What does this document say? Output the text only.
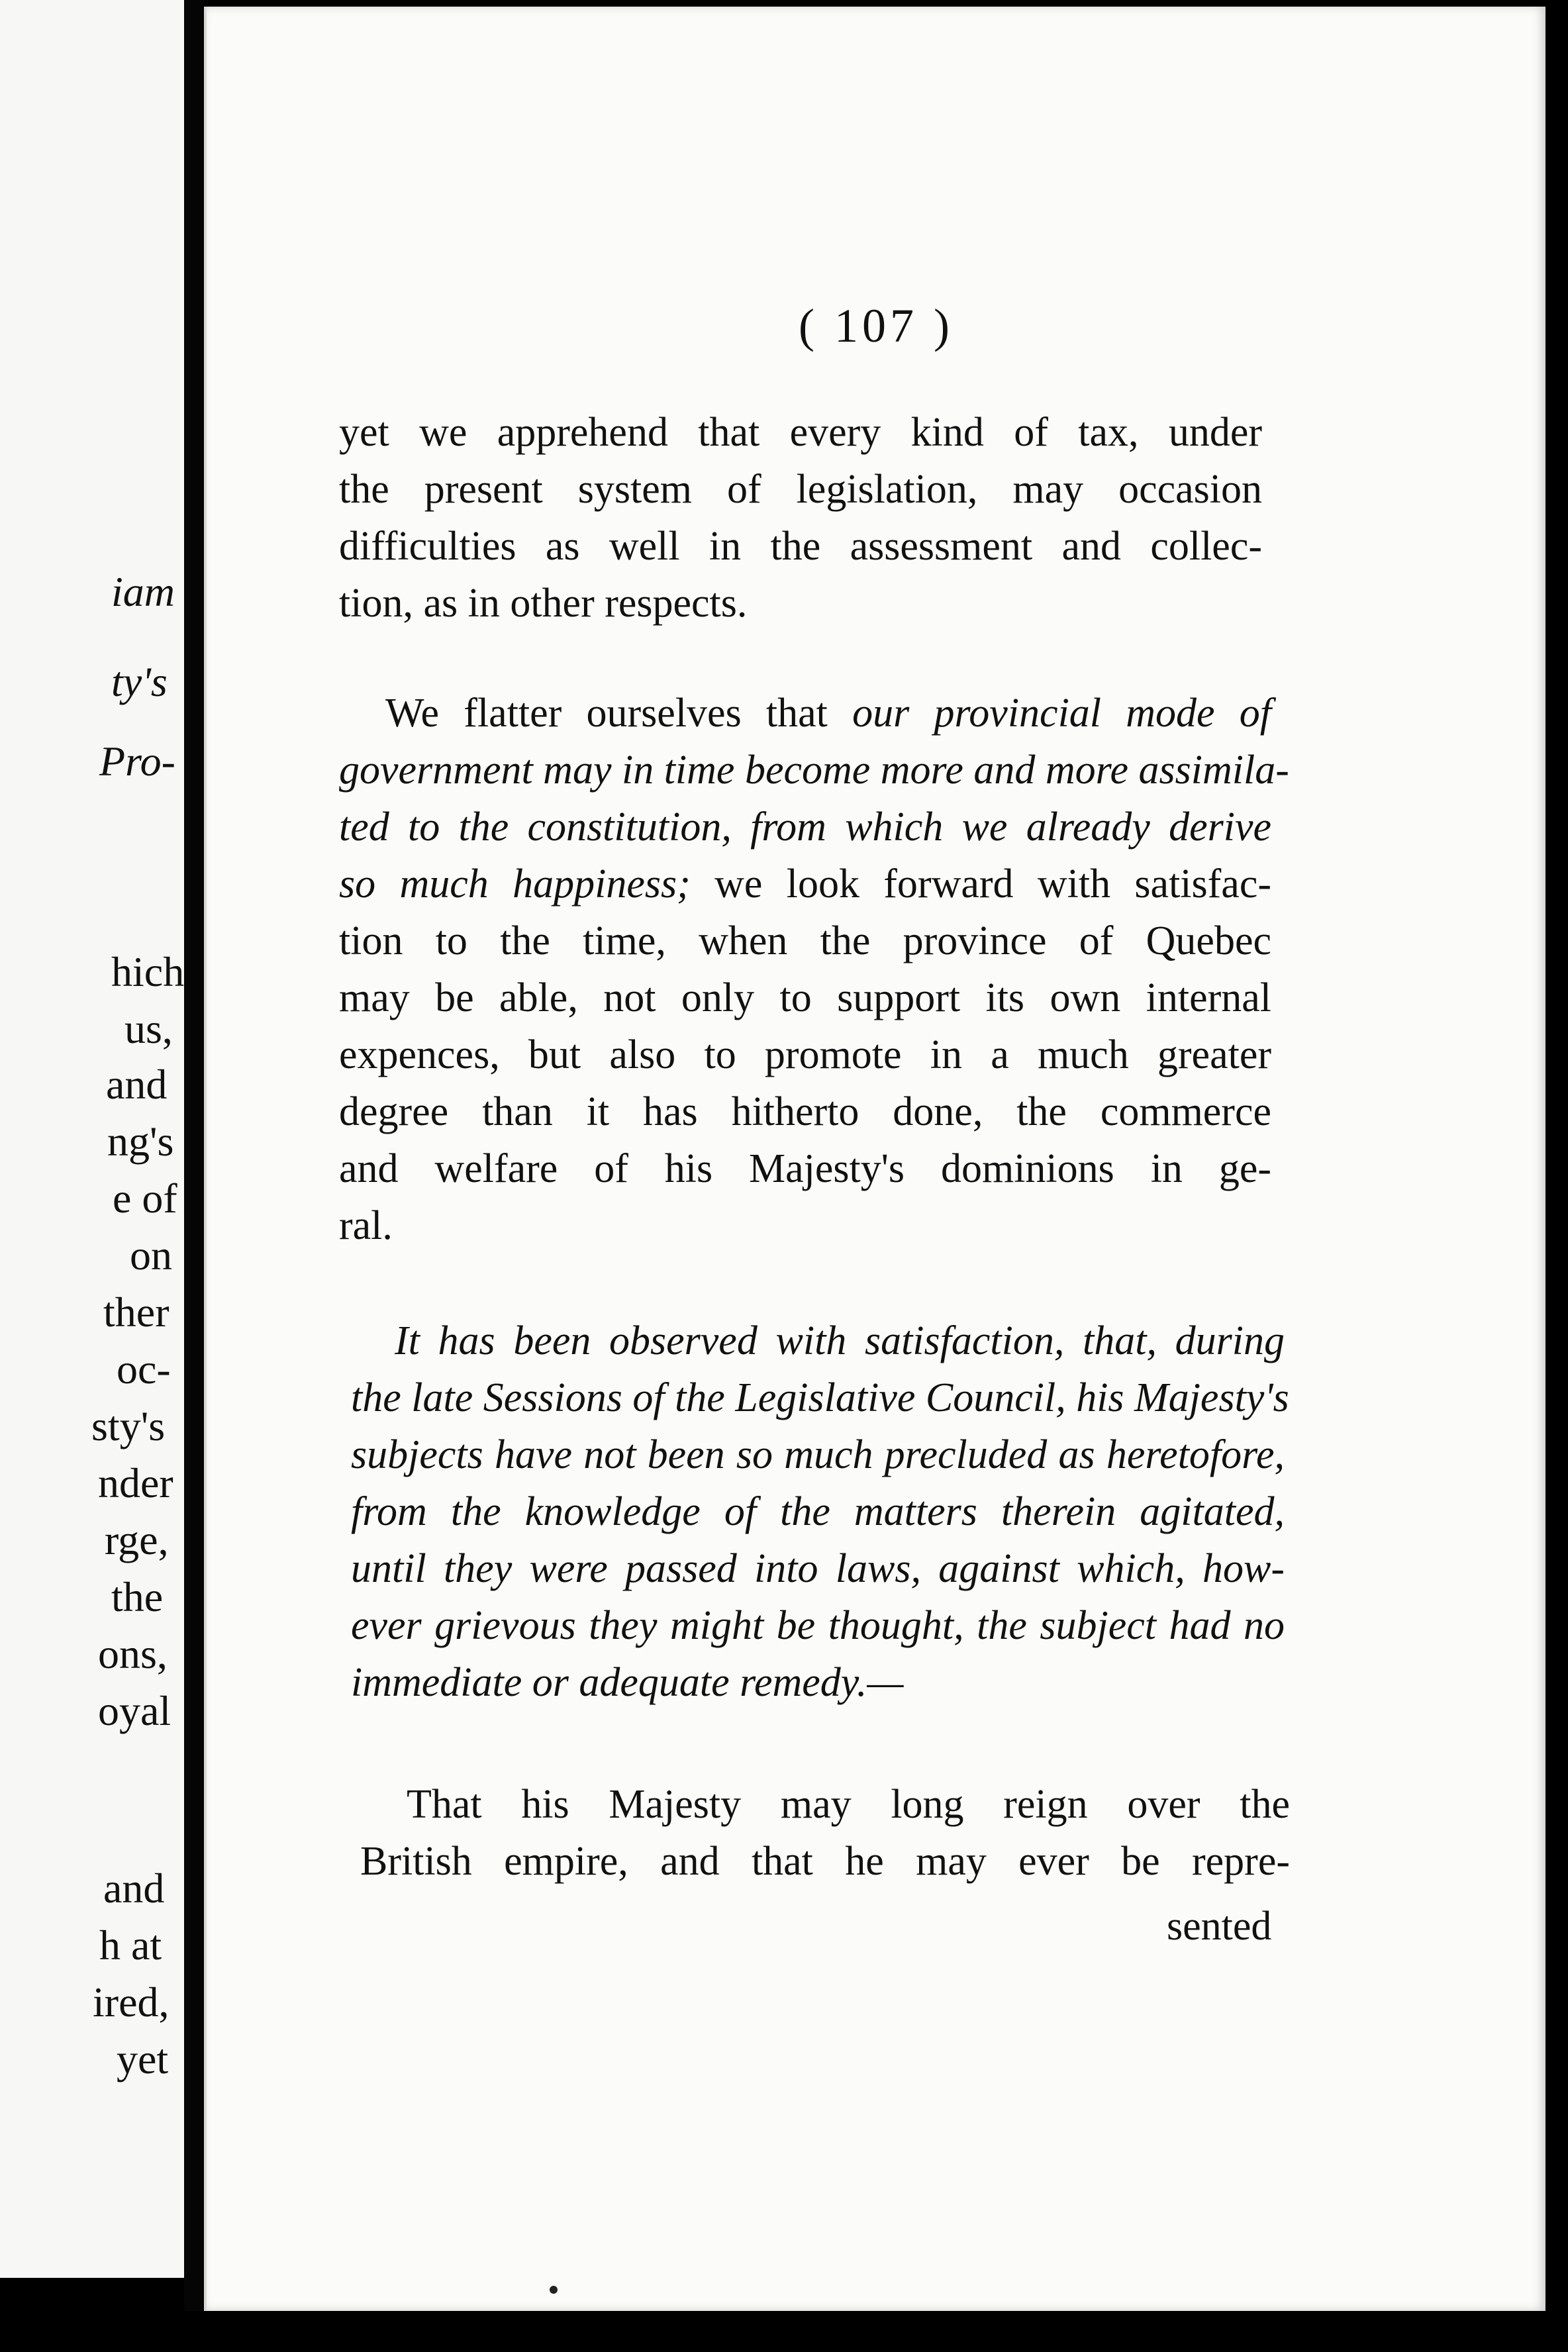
iam
ty's
Pro-
hich
us,
and
ng's
e of
on
ther
oc-
sty's
nder
rge,
the
ons,
oyal
and
h at
ired,
yet
( 107 )
yet we apprehend that every kind of tax, under
the present system of legislation, may occasion
difficulties as well in the assessment and collec-
tion, as in other respects.
We flatter ourselves that our provincial mode of
government may in time become more and more assimila-
ted to the constitution, from which we already derive
so much happiness; we look forward with satisfac-
tion to the time, when the province of Quebec
may be able, not only to support its own internal
expences, but also to promote in a much greater
degree than it has hitherto done, the commerce
and welfare of his Majesty's dominions in ge-
ral.
It has been observed with satisfaction, that, during
the late Sessions of the Legislative Council, his Majesty's
subjects have not been so much precluded as heretofore,
from the knowledge of the matters therein agitated,
until they were passed into laws, against which, how-
ever grievous they might be thought, the subject had no
immediate or adequate remedy.—
That his Majesty may long reign over the
British empire, and that he may ever be repre-
sented
